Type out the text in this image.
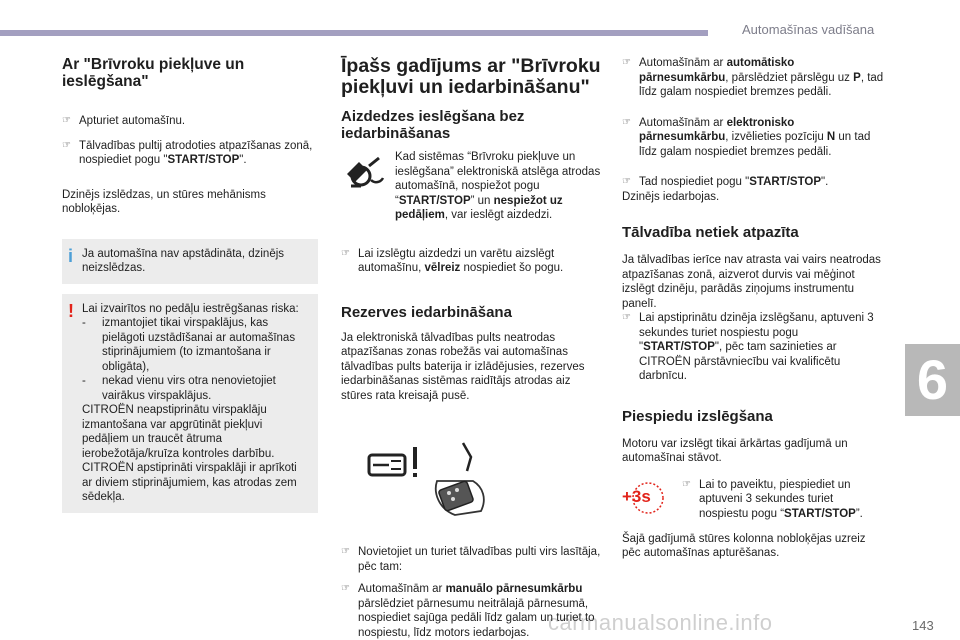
Automašīnas vadīšana
6
carmanualsonline.info	143
Ar "Brīvroku piekļuve un ieslēgšana"
☞ Apturiet automašīnu.
☞ Tālvadības pultij atrodoties atpazīšanas zonā, nospiediet pogu "START/STOP".

Dzinējs izslēdzas, un stūres mehānisms nobloķējas.

i Ja automašīna nav apstādināta, dzinējs neizslēdzas.
! Lai izvairītos no pedāļu iestrēgšanas riska:
- izmantojiet tikai virspaklājus, kas pielāgoti uzstādīšanai ar automašīnas stiprinājumiem (to izmantošana ir obligāta),
- nekad vienu virs otra nenovietojiet vairākus virspaklājus.
CITROËN neapstiprinātu virspaklāju izmantošana var apgrūtināt piekļuvi pedāļiem un traucēt ātruma ierobežotāja/kruīza kontroles darbību.
CITROËN apstiprināti virspaklāji ir aprīkoti ar diviem stiprinājumiem, kas atrodas zem sēdekļa.
Īpašs gadījums ar "Brīvroku piekļuvi un iedarbināšanu"
Aizdedzes ieslēgšana bez iedarbināšanas
Kad sistēmas “Brīvroku piekļuve un ieslēgšana” elektroniskā atslēga atrodas automašīnā, nospiežot pogu “START/STOP” un nespiežot uz pedāļiem, var ieslēgt aizdedzi.
☞ Lai izslēgtu aizdedzi un varētu aizslēgt automašīnu, vēlreiz nospiediet šo pogu.
Rezerves iedarbināšana

Ja elektroniskā tālvadības pults neatrodas atpazīšanas zonas robežās vai automašīnas tālvadības pults baterija ir izlādējusies, rezerves iedarbināšanas sistēmas raidītājs atrodas aiz stūres rata kreisajā pusē.

☞ Novietojiet un turiet tālvadības pulti virs lasītāja, pēc tam:
☞ Automašīnām ar manuālo pārnesumkārbu pārslēdziet pārnesumu neitrālajā pārnesumā, nospiediet sajūga pedāli līdz galam un turiet to nospiestu, līdz motors iedarbojas.
☞ Automašīnām ar automātisko pārnesumkārbu, pārslēdziet pārslēgu uz P, tad līdz galam nospiediet bremzes pedāli.
☞ Automašīnām ar elektronisko pārnesumkārbu, izvēlieties pozīciju N un tad līdz galam nospiediet bremzes pedāli.
☞ Tad nospiediet pogu "START/STOP".

Dzinējs iedarbojas.

Tālvadība netiek atpazīta

Ja tālvadības ierīce nav atrasta vai vairs neatrodas atpazīšanas zonā, aizverot durvis vai mēģinot izslēgt dzinēju, parādās ziņojums instrumentu panelī.

☞ Lai apstiprinātu dzinēja izslēgšanu, aptuveni 3 sekundes turiet nospiestu pogu "START/STOP", pēc tam sazinieties ar CITROËN pārstāvniecību vai kvalificētu darbnīcu.
Piespiedu izslēgšana

Motoru var izslēgt tikai ārkārtas gadījumā un automašīnai stāvot.

+3s
☞ Lai to paveiktu, piespiediet un aptuveni 3 sekundes turiet nospiestu pogu “START/STOP”.

Šajā gadījumā stūres kolonna nobloķējas uzreiz pēc automašīnas apturēšanas.
